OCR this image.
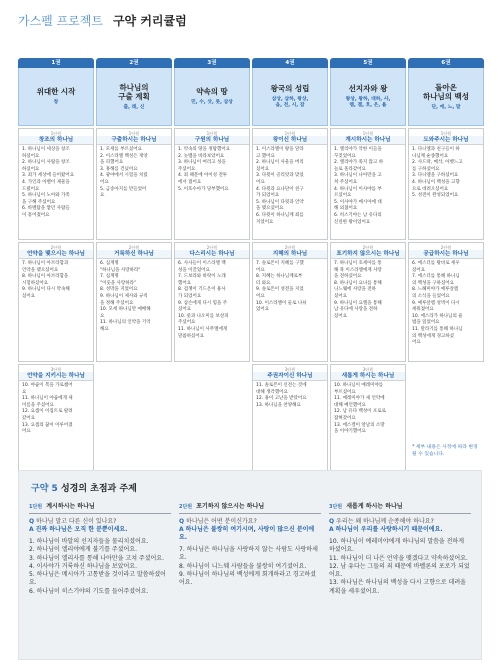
가스펠 프로젝트 구약 커리큘럼
1권
위대한 시작
창
2권
하나님의
구출 계획
출, 레, 신
3권
약속의 땅
민, 수, 삿, 룻, 삼상
4권
왕국의 성립
삼상, 삼하, 왕상,
읍, 전, 시, 잠
5권
선지자와 왕
왕상, 왕하, 대하, 사,
렘, 겔, 호, 은, 욜
6권
돌아온
하나님의 백성
단, 에, 느, 말
1단원
창조의 하나님
1. 하나님이 세상을 창조
하셨어요
2. 하나님이 사람을 창조
하셨어요
3. 죄가 세상에 들어왔어요
4. 가인과 아벨이 제물을
드렸어요
5. 하나님이 노아와 가족
을 구해 주셨어요
6. 바벨탑을 쌓던 사람들
이 흩어졌어요
1단원
구출하시는 하나님
1. 모세를 부르셨어요
2. 이스라엘 백성은 재앙
을 피했어요
3. 홍해를 건넜어요
4. 광야에서 시험을 치렀
어요
5. 금송아지를 만들었어
요
1단원
구원의 하나님
1. 약속의 땅을 정탐했어요
2. 놋뱀을 바라보았어요
3. 하나님이 여리고 성을
주셨어요
4. 죄 때문에 아이성 전투
에서 졌어요
5. 이호수아가 당부했어요
1단원
왕이신 하나님
1. 이스라엘이 왕을 달라
고 했어요
2. 하나님이 사울을 버리
셨어요
3. 다윗이 골리앗과 맞섰
어요
4. 다윗과 요나단이 친구
가 되었어요
5. 하나님이 다윗과 언약
을 맺으셨어요
6. 다윗이 하나님께 죄를
지었어요
1단원
계시하시는 하나님
1. 엘리야가 악한 이들을
꾸짖었어요
2. 엘리야가 죽지 않고 하
늘로 올라갔어요
3. 하나님이 나아만을 고
쳐 주셨어요
4. 하나님이 이사야를 부
르셨어요
5. 이사야가 메시아에 대
해 외쳤어요
6. 히스기야는 남 유다의
신실한 왕이었어요
1단원
도와주시는 하나님
1. 다니엘과 친구들이 하
나님께 순종했어요
2. 사드락, 메삭, 아벳느고
를 구하셨어요
3. 다니엘을 구하셨어요
4. 하나님이 백성을 고향
으로 데려오셨어요
5. 성전이 완성되었어요
2단원
언약을 맺으시는 하나님
7. 하나님이 아브라함과
언약을 맺으셨어요
8. 하나님이 아브라함을
시험하셨어요
9. 하나님이 다시 약속해
셨어요
2단원
거룩하신 하나님
6. 십계명
"하나님을 사랑하라"
7. 십계명
"이웃을 사랑하라"
8. 성막을 지었어요
9. 하나님이 제사와 규칙
을 정해 주셨어요
10. 모세 하나님만 예배해
요
11. 하나님의 언약을 기억
해요
2단원
다스리시는 하나님
6. 사사들이 이스라엘 백
성을 이끌었어요
7. 드보라와 바락이 노래
했어요
8. 겁쟁이 기드온이 용사
가 되었어요
9. 삼손에게 다시 힘을 주
셨어요
10. 룻과 나오미를 보살피
주셨어요
11. 하나님이 사무엘에게
말씀하셨어요
2단원
지혜의 하나님
7. 솔로몬이 지혜를 구했
어요
8. 지혜는 하나님께로부
터 와요
9. 솔로몬이 성전을 지었
어요
10. 이스라엘이 둘로 나뉘
었어요
2단원
포기하지 않으시는 하나님
7. 하나님이 호세아를 통
해 북 이스라엘에게 사랑
을 전하셨어요
8. 하나님이 요나를 통해
니느웨에 사랑을 전하
셨어요
9. 하나님이 요엘을 통해
남 유다에 사랑을 전하
셨어요
2단원
공급하시는 하나님
6. 에스더를 왕비로 세우
셨어요
7. 에스더를 통해 하나님
의 백성을 구하셨어요
8. 느헤미야가 예루살렘
의 소식을 들었어요
9. 예루살렘 성벽이 다시
세워졌어요
10. 에스라가 하나님의 율
법을 읽었어요
11. 말라기를 통해 하나님
의 백성에게 경고하셨
어요
3단원
언약을 지키시는 하나님
10. 야곱이 복을 가로챘어
요
11. 하나님이 야곱에게 새
이름을 주셨어요
12. 요셉이 이집트로 팔려
갔어요
13. 요셉의 꿈이 이루어졌
어요
3단원
주권자이신 하나님
11. 솔로몬이 신전는 것에
대해 생각했어요
12. 용이 고난을 받았어요
13. 하나님을 찬양해요
3단원
새롭게 하시는 하나님
10. 하나님이 예레미야를
부르셨어요
11. 예레미야가 새 언약에
대해 예언했어요
12. 남 유다 백성이 포로로
잡혀갔어요
13. 에스겔이 앞날의 소망
을 이야기했어요
* 세부 내용은 사정에 따라 변경될 수 있습니다.
구약 5 성경의 초점과 주제
1단원 계시하시는 하나님
Q 하나님 말고 다른 신이 있나요?
A 진짜 하나님은 오직 한 분뿐이세요.
1. 하나님이 바알의 선지자들을 물리치셨어요.
2. 하나님이 엘리야에게 불기를 주셨어요.
3. 하나님이 엘리사를 통해 나아만을 고쳐 주셨어요.
4. 이사야가 거룩하신 하나님을 보았어요.
5. 하나님은 메시아가 고통받을 것이라고 말씀하셨어요.
6. 하나님이 히스기야의 기도를 들어주셨어요.
2단원 포기하지 않으시는 하나님
Q 하나님은 어떤 분이신가요?
A 하나님은 불쌍히 여기시며, 사랑이 많으신 분이에요.
7. 하나님은 하나님을 사랑하지 않는 사람도 사랑하세요.
8. 하나님이 니느웨 사람들을 불쌍히 여기셨어요.
9. 하나님이 하나님의 백성에게 회개하라고 경고하셨어요.
3단원 새롭게 하시는 하나님
Q 우리는 왜 하나님께 순종해야 하나요?
A 하나님이 우리를 사랑하시기 때문이에요.
10. 하나님이 예레미야에게 하나님의 말씀을 전하게 하셨어요.
11. 하나님이 더 나은 언약을 맺겠다고 약속하셨어요.
12. 남 유다는 그들의 죄 때문에 바벨론의 포로가 되었어요.
13. 하나님은 하나님의 백성을 다시 고향으로 데려올 계획을 세우셨어요.
